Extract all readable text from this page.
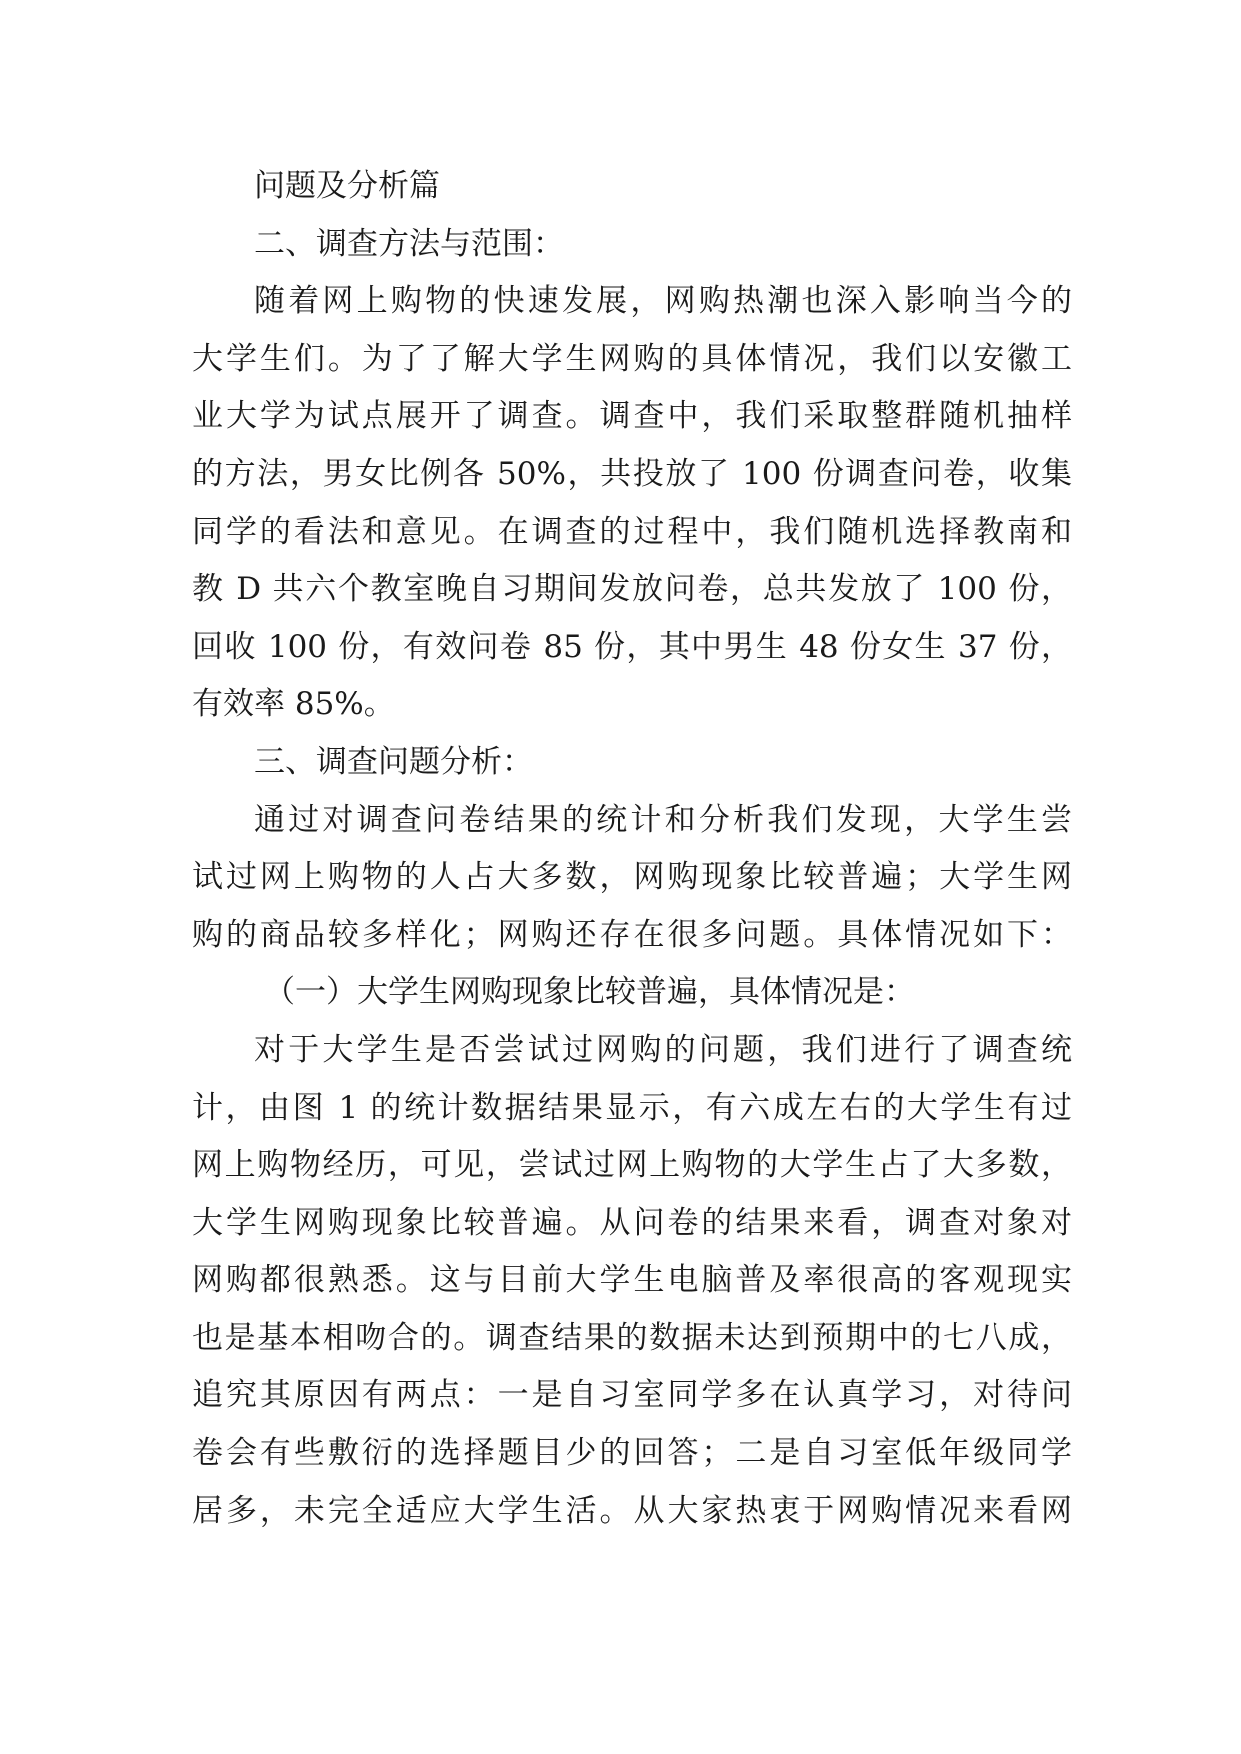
问题及分析篇
二、调查方法与范围：
随着网上购物的快速发展，网购热潮也深入影响当今的
大学生们。为了了解大学生网购的具体情况，我们以安徽工
业大学为试点展开了调查。调查中，我们采取整群随机抽样
的方法，男女比例各 50%，共投放了 100 份调查问卷，收集
同学的看法和意见。在调查的过程中，我们随机选择教南和
教 D 共六个教室晚自习期间发放问卷，总共发放了 100 份，
回收 100 份，有效问卷 85 份，其中男生 48 份女生 37 份，
有效率 85%。
三、调查问题分析：
通过对调查问卷结果的统计和分析我们发现，大学生尝
试过网上购物的人占大多数，网购现象比较普遍；大学生网
购的商品较多样化；网购还存在很多问题。具体情况如下：
（一）大学生网购现象比较普遍，具体情况是：
对于大学生是否尝试过网购的问题，我们进行了调查统
计，由图 1 的统计数据结果显示，有六成左右的大学生有过
网上购物经历，可见，尝试过网上购物的大学生占了大多数，
大学生网购现象比较普遍。从问卷的结果来看，调查对象对
网购都很熟悉。这与目前大学生电脑普及率很高的客观现实
也是基本相吻合的。调查结果的数据未达到预期中的七八成，
追究其原因有两点：一是自习室同学多在认真学习，对待问
卷会有些敷衍的选择题目少的回答；二是自习室低年级同学
居多，未完全适应大学生活。从大家热衷于网购情况来看网
